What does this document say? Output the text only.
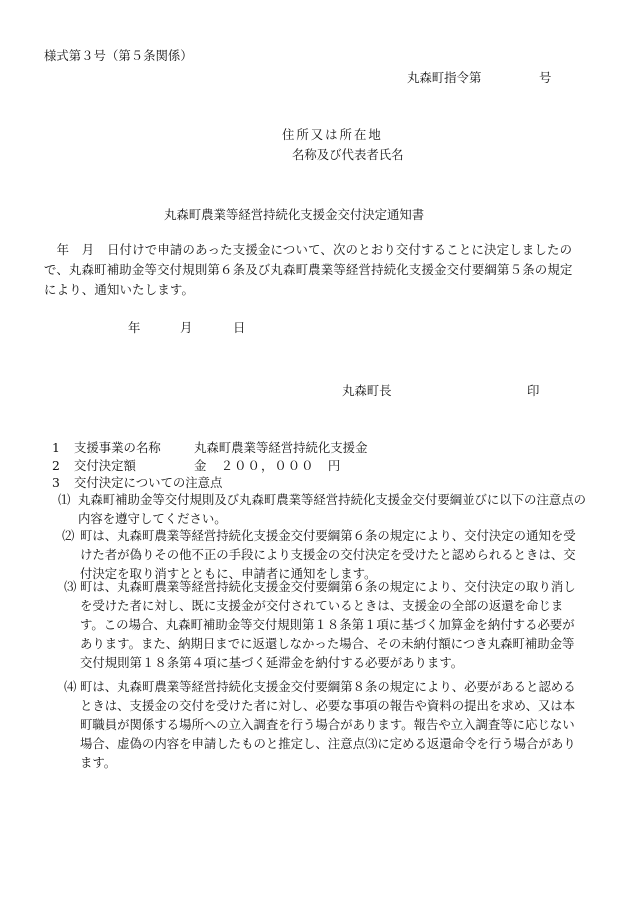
様式第３号（第５条関係）

丸森町指令第	号

住所又は所在地

名称及び代表者氏名

丸森町農業等経営持続化支援金交付決定通知書

　年　月　日付けで申請のあった支援金について、次のとおり交付することに決定しましたので、丸森町補助金等交付規則第６条及び丸森町農業等経営持続化支援金交付要綱第５条の規定により、通知いたします。

年	月	日

丸森町長	印

1 支援事業の名称	丸森町農業等経営持続化支援金

2 交付決定額	金　２００，０００　円

3 交付決定についての注意点

⑴ 丸森町補助金等交付規則及び丸森町農業等経営持続化支援金交付要綱並びに以下の注意点の内容を遵守してください。
⑵ 町は、丸森町農業等経営持続化支援金交付要綱第６条の規定により、交付決定の通知を受けた者が偽りその他不正の手段により支援金の交付決定を受けたと認められるときは、交付決定を取り消すとともに、申請者に通知をします。
⑶ 町は、丸森町農業等経営持続化支援金交付要綱第６条の規定により、交付決定の取り消しを受けた者に対し、既に支援金が交付されているときは、支援金の全部の返還を命じます。この場合、丸森町補助金等交付規則第１８条第１項に基づく加算金を納付する必要があります。また、納期日までに返還しなかった場合、その未納付額につき丸森町補助金等交付規則第１８条第４項に基づく延滞金を納付する必要があります。
⑷ 町は、丸森町農業等経営持続化支援金交付要綱第８条の規定により、必要があると認めるときは、支援金の交付を受けた者に対し、必要な事項の報告や資料の提出を求め、又は本町職員が関係する場所への立入調査を行う場合があります。報告や立入調査等に応じない場合、虚偽の内容を申請したものと推定し、注意点⑶に定める返還命令を行う場合があります。
